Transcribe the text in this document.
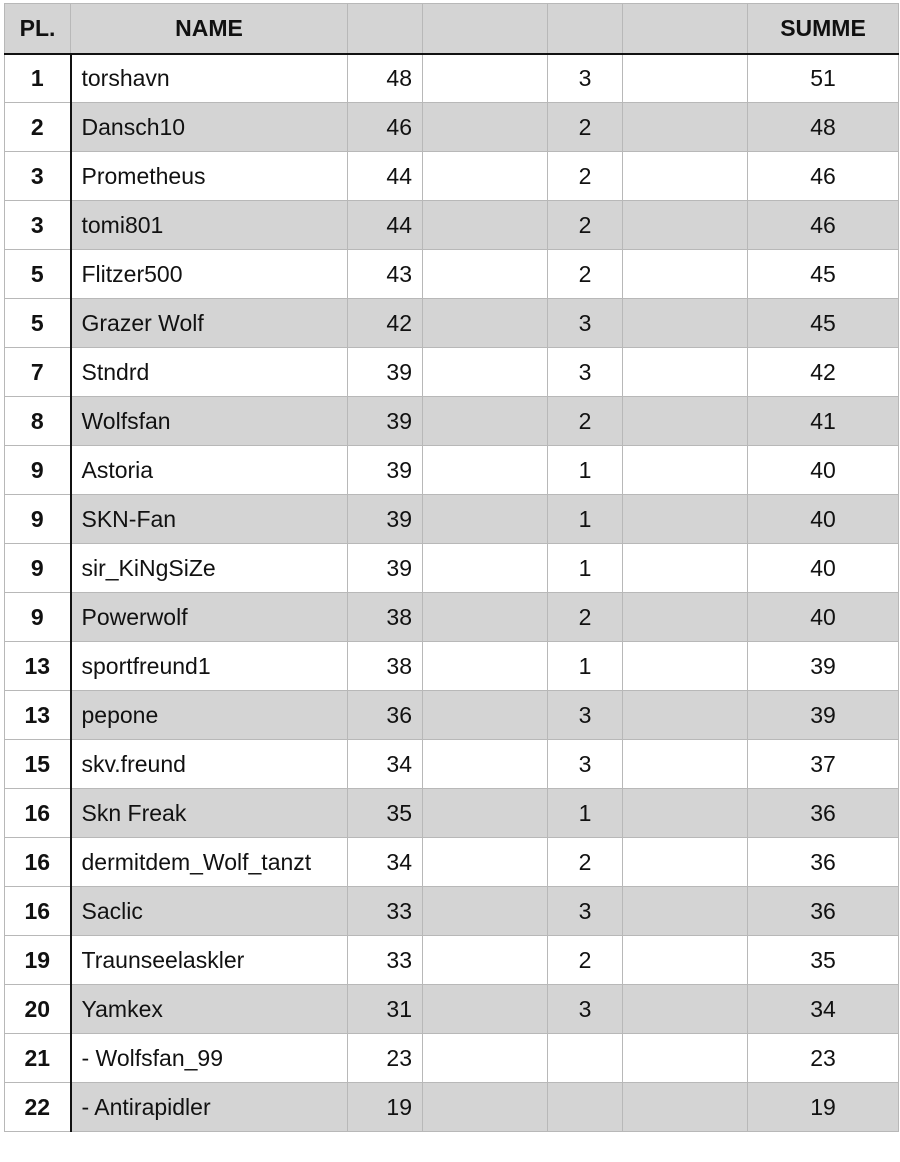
PL.	NAME					SUMME
1	torshavn	48		3		51
2	Dansch10	46		2		48
3	Prometheus	44		2		46
3	tomi801	44		2		46
5	Flitzer500	43		2		45
5	Grazer Wolf	42		3		45
7	Stndrd	39		3		42
8	Wolfsfan	39		2		41
9	Astoria	39		1		40
9	SKN-Fan	39		1		40
9	sir_KiNgSiZe	39		1		40
9	Powerwolf	38		2		40
13	sportfreund1	38		1		39
13	pepone	36		3		39
15	skv.freund	34		3		37
16	Skn Freak	35		1		36
16	dermitdem_Wolf_tanzt	34		2		36
16	Saclic	33		3		36
19	Traunseelaskler	33		2		35
20	Yamkex	31		3		34
21	- Wolfsfan_99	23				23
22	- Antirapidler	19				19
